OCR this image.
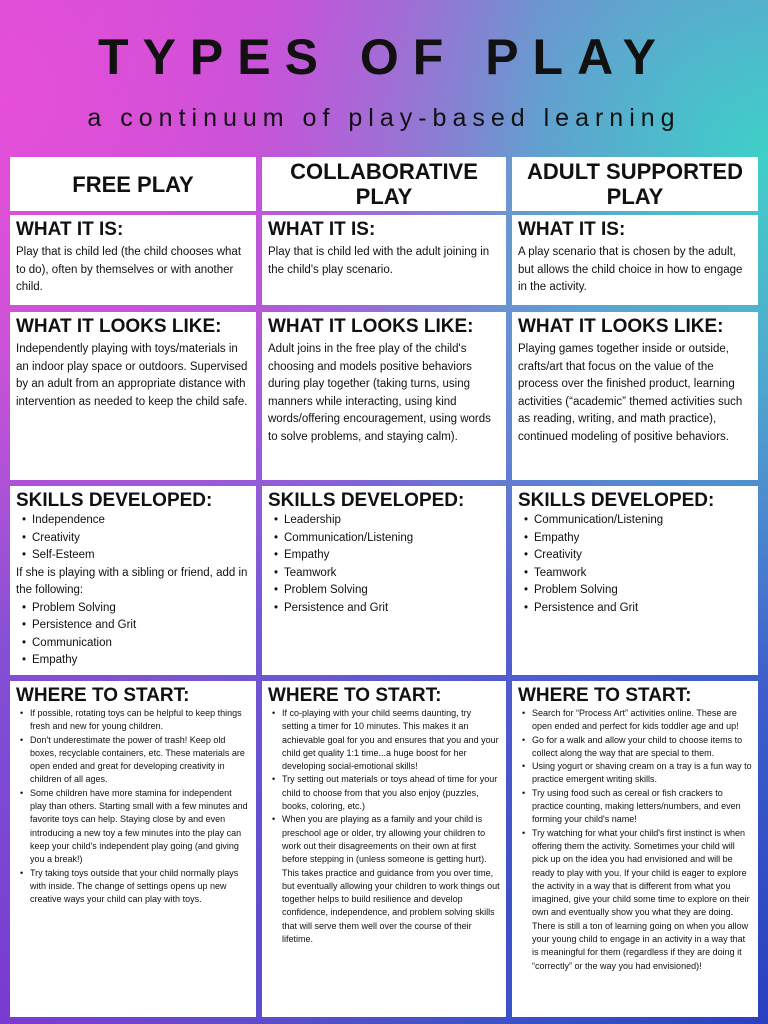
TYPES OF PLAY
a continuum of play-based learning
FREE PLAY
WHAT IT IS:
Play that is child led (the child chooses what to do), often by themselves or with another child.
WHAT IT LOOKS LIKE:
Independently playing with toys/materials in an indoor play space or outdoors. Supervised by an adult from an appropriate distance with intervention as needed to keep the child safe.
SKILLS DEVELOPED:
• Independence
• Creativity
• Self-Esteem
If she is playing with a sibling or friend, add in the following:
• Problem Solving
• Persistence and Grit
• Communication
• Empathy
WHERE TO START:
• If possible, rotating toys can be helpful to keep things fresh and new for young children.
• Don't underestimate the power of trash! Keep old boxes, recyclable containers, etc. These materials are open ended and great for developing creativity in children of all ages.
• Some children have more stamina for independent play than others. Starting small with a few minutes and favorite toys can help. Staying close by and even introducing a new toy a few minutes into the play can keep your child's independent play going (and giving you a break!)
• Try taking toys outside that your child normally plays with inside. The change of settings opens up new creative ways your child can play with toys.
COLLABORATIVE PLAY
WHAT IT IS:
Play that is child led with the adult joining in the child's play scenario.
WHAT IT LOOKS LIKE:
Adult joins in the free play of the child's choosing and models positive behaviors during play together (taking turns, using manners while interacting, using kind words/offering encouragement, using words to solve problems, and staying calm).
SKILLS DEVELOPED:
• Leadership
• Communication/Listening
• Empathy
• Teamwork
• Problem Solving
• Persistence and Grit
WHERE TO START:
• If co-playing with your child seems daunting, try setting a timer for 10 minutes. This makes it an achievable goal for you and ensures that you and your child get quality 1:1 time...a huge boost for her developing social-emotional skills!
• Try setting out materials or toys ahead of time for your child to choose from that you also enjoy (puzzles, books, coloring, etc.)
• When you are playing as a family and your child is preschool age or older, try allowing your children to work out their disagreements on their own at first before stepping in (unless someone is getting hurt). This takes practice and guidance from you over time, but eventually allowing your children to work things out together helps to build resilience and develop confidence, independence, and problem solving skills that will serve them well over the course of their lifetime.
ADULT SUPPORTED PLAY
WHAT IT IS:
A play scenario that is chosen by the adult, but allows the child choice in how to engage in the activity.
WHAT IT LOOKS LIKE:
Playing games together inside or outside, crafts/art that focus on the value of the process over the finished product, learning activities (“academic” themed activities such as reading, writing, and math practice), continued modeling of positive behaviors.
SKILLS DEVELOPED:
• Communication/Listening
• Empathy
• Creativity
• Teamwork
• Problem Solving
• Persistence and Grit
WHERE TO START:
• Search for “Process Art” activities online. These are open ended and perfect for kids toddler age and up!
• Go for a walk and allow your child to choose items to collect along the way that are special to them.
• Using yogurt or shaving cream on a tray is a fun way to practice emergent writing skills.
• Try using food such as cereal or fish crackers to practice counting, making letters/numbers, and even forming your child's name!
• Try watching for what your child's first instinct is when offering them the activity. Sometimes your child will pick up on the idea you had envisioned and will be ready to play with you. If your child is eager to explore the activity in a way that is different from what you imagined, give your child some time to explore on their own and eventually show you what they are doing. There is still a ton of learning going on when you allow your young child to engage in an activity in a way that is meaningful for them (regardless if they are doing it “correctly” or the way you had envisioned)!
